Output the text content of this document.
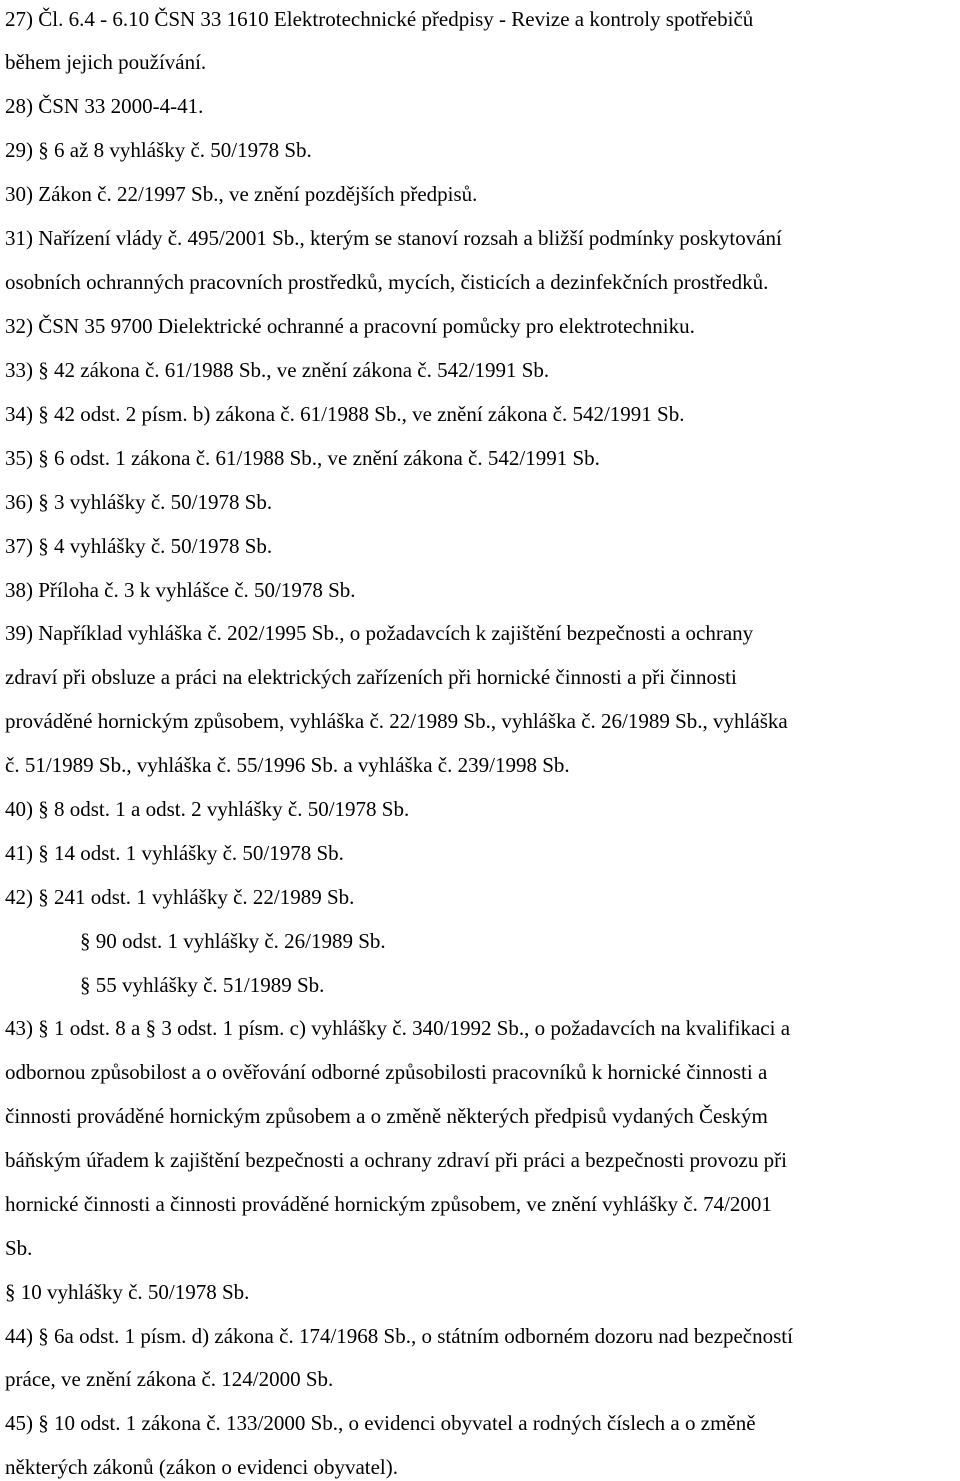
27) Čl. 6.4 - 6.10 ČSN 33 1610 Elektrotechnické předpisy - Revize a kontroly spotřebičů
během jejich používání.
28) ČSN 33 2000-4-41.
29) § 6 až 8 vyhlášky č. 50/1978 Sb.
30) Zákon č. 22/1997 Sb., ve znění pozdějších předpisů.
31) Nařízení vlády č. 495/2001 Sb., kterým se stanoví rozsah a bližší podmínky poskytování
osobních ochranných pracovních prostředků, mycích, čisticích a dezinfekčních prostředků.
32) ČSN 35 9700 Dielektrické ochranné a pracovní pomůcky pro elektrotechniku.
33) § 42 zákona č. 61/1988 Sb., ve znění zákona č. 542/1991 Sb.
34) § 42 odst. 2 písm. b) zákona č. 61/1988 Sb., ve znění zákona č. 542/1991 Sb.
35) § 6 odst. 1 zákona č. 61/1988 Sb., ve znění zákona č. 542/1991 Sb.
36) § 3 vyhlášky č. 50/1978 Sb.
37) § 4 vyhlášky č. 50/1978 Sb.
38) Příloha č. 3 k vyhlášce č. 50/1978 Sb.
39) Například vyhláška č. 202/1995 Sb., o požadavcích k zajištění bezpečnosti a ochrany
zdraví při obsluze a práci na elektrických zařízeních při hornické činnosti a při činnosti
prováděné hornickým způsobem, vyhláška č. 22/1989 Sb., vyhláška č. 26/1989 Sb., vyhláška
č. 51/1989 Sb., vyhláška č. 55/1996 Sb. a vyhláška č. 239/1998 Sb.
40) § 8 odst. 1 a odst. 2 vyhlášky č. 50/1978 Sb.
41) § 14 odst. 1 vyhlášky č. 50/1978 Sb.
42) § 241 odst. 1 vyhlášky č. 22/1989 Sb.
§ 90 odst. 1 vyhlášky č. 26/1989 Sb.
§ 55 vyhlášky č. 51/1989 Sb.
43) § 1 odst. 8 a § 3 odst. 1 písm. c) vyhlášky č. 340/1992 Sb., o požadavcích na kvalifikaci a
odbornou způsobilost a o ověřování odborné způsobilosti pracovníků k hornické činnosti a
činnosti prováděné hornickým způsobem a o změně některých předpisů vydaných Českým
báňským úřadem k zajištění bezpečnosti a ochrany zdraví při práci a bezpečnosti provozu při
hornické činnosti a činnosti prováděné hornickým způsobem, ve znění vyhlášky č. 74/2001
Sb.
§ 10 vyhlášky č. 50/1978 Sb.
44) § 6a odst. 1 písm. d) zákona č. 174/1968 Sb., o státním odborném dozoru nad bezpečností
práce, ve znění zákona č. 124/2000 Sb.
45) § 10 odst. 1 zákona č. 133/2000 Sb., o evidenci obyvatel a rodných číslech a o změně
některých zákonů (zákon o evidenci obyvatel).
